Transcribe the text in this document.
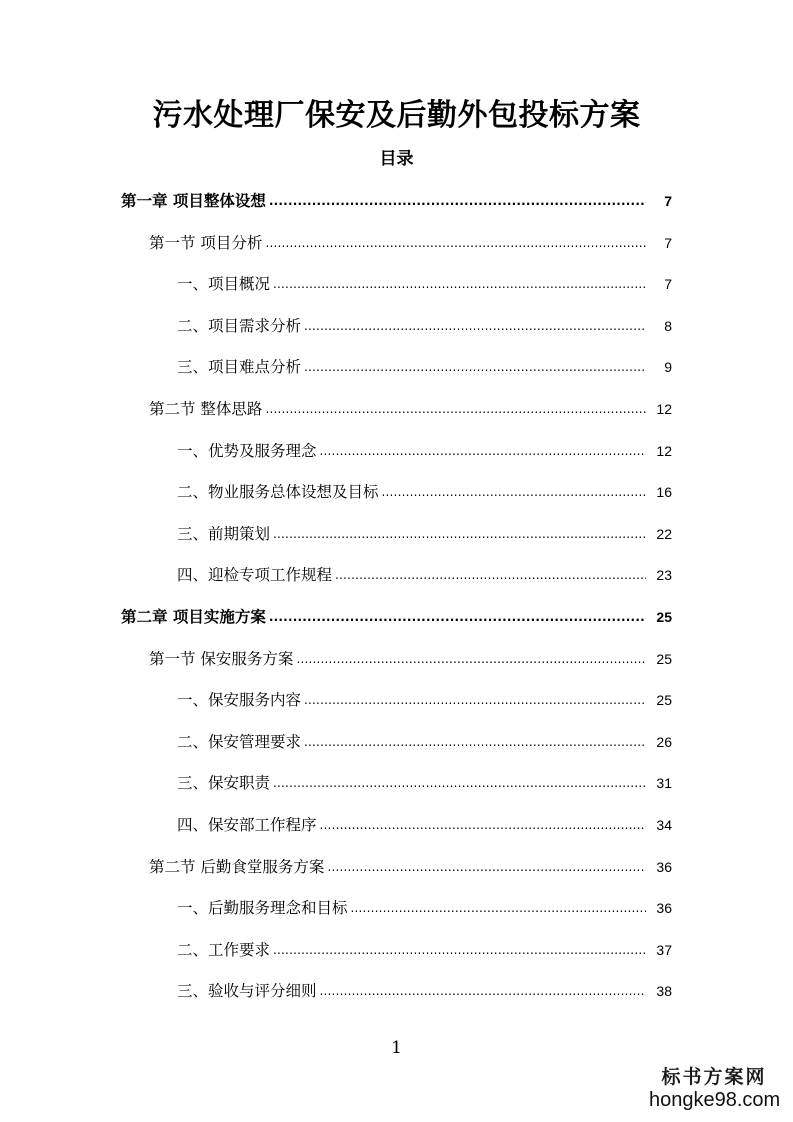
污水处理厂保安及后勤外包投标方案
目录
第一章 项目整体设想 .....	7
第一节 项目分析 .....	7
一、项目概况 .....	7
二、项目需求分析 .....	8
三、项目难点分析 .....	9
第二节 整体思路 .....	12
一、优势及服务理念 .....	12
二、物业服务总体设想及目标 .....	16
三、前期策划 .....	22
四、迎检专项工作规程 .....	23
第二章 项目实施方案 .....	25
第一节 保安服务方案 .....	25
一、保安服务内容 .....	25
二、保安管理要求 .....	26
三、保安职责 .....	31
四、保安部工作程序 .....	34
第二节 后勤食堂服务方案 .....	36
一、后勤服务理念和目标 .....	36
二、工作要求 .....	37
三、验收与评分细则 .....	38
1
标书方案网
hongke98.com
